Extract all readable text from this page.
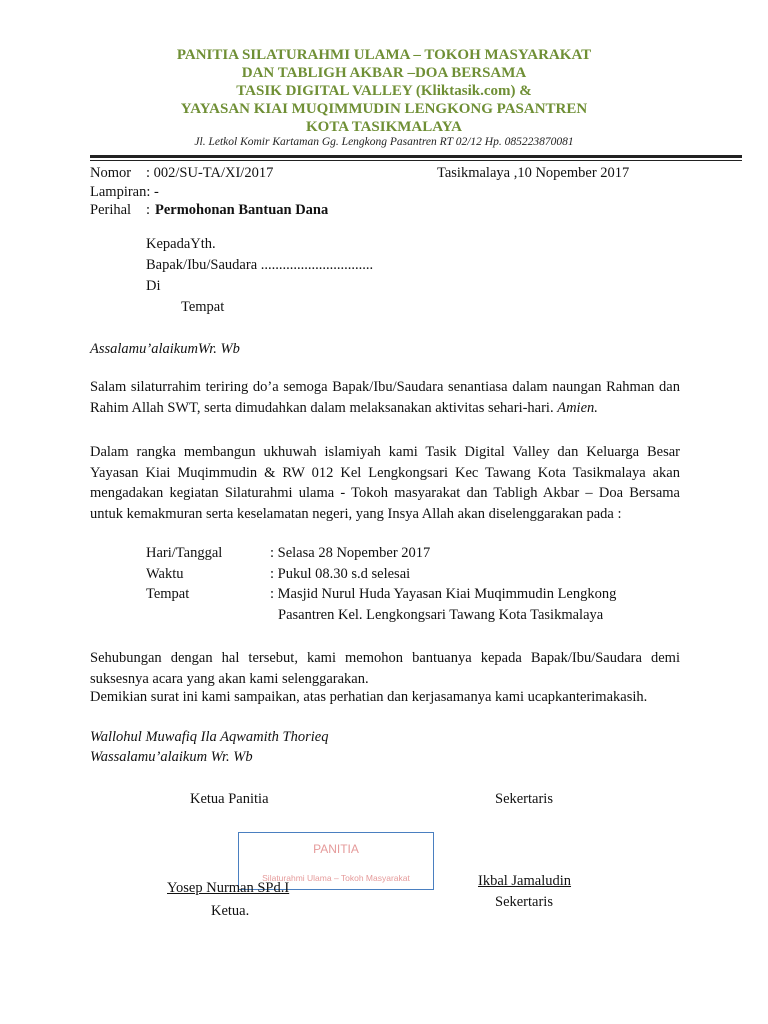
PANITIA SILATURAHMI ULAMA – TOKOH MASYARAKAT
DAN TABLIGH AKBAR –DOA BERSAMA
TASIK DIGITAL VALLEY (Kliktasik.com) &
YAYASAN KIAI MUQIMMUDIN LENGKONG PASANTREN
KOTA TASIKMALAYA
Jl. Letkol Komir Kartaman Gg. Lengkong Pasantren RT 02/12 Hp. 085223870081
Nomor : 002/SU-TA/XI/2017	Tasikmalaya ,10 Nopember 2017
Lampiran: -
Perihal : Permohonan Bantuan Dana
KepadaYth.
Bapak/Ibu/Saudara ...............................
Di
Tempat
Assalamu’alaikumWr. Wb
Salam silaturrahim teriring do’a semoga Bapak/Ibu/Saudara senantiasa dalam naungan Rahman dan Rahim Allah SWT, serta dimudahkan dalam melaksanakan aktivitas sehari-hari. Amien.
Dalam rangka membangun ukhuwah islamiyah kami Tasik Digital Valley dan Keluarga Besar Yayasan Kiai Muqimmudin & RW 012 Kel Lengkongsari Kec Tawang Kota Tasikmalaya akan mengadakan kegiatan Silaturahmi ulama - Tokoh masyarakat dan Tabligh Akbar – Doa Bersama untuk kemakmuran serta keselamatan negeri, yang Insya Allah akan diselenggarakan pada :
Hari/Tanggal	: Selasa 28 Nopember 2017
Waktu	: Pukul 08.30 s.d selesai
Tempat	: Masjid Nurul Huda Yayasan Kiai Muqimmudin Lengkong
Pasantren Kel. Lengkongsari Tawang Kota Tasikmalaya
Sehubungan dengan hal tersebut, kami memohon bantuanya kepada Bapak/Ibu/Saudara demi suksesnya acara yang akan kami selenggarakan.
Demikian surat ini kami sampaikan, atas perhatian dan kerjasamanya kami ucapkanterimakasih.
Wallohul Muwafiq Ila Aqwamith Thorieq
Wassalamu’alaikum Wr. Wb
Ketua Panitia	Sekertaris
PANITIA
Silaturahmi Ulama – Tokoh Masyarakat
Yosep Nurman SPd.I
Ketua.
Ikbal Jamaludin
Sekertaris
